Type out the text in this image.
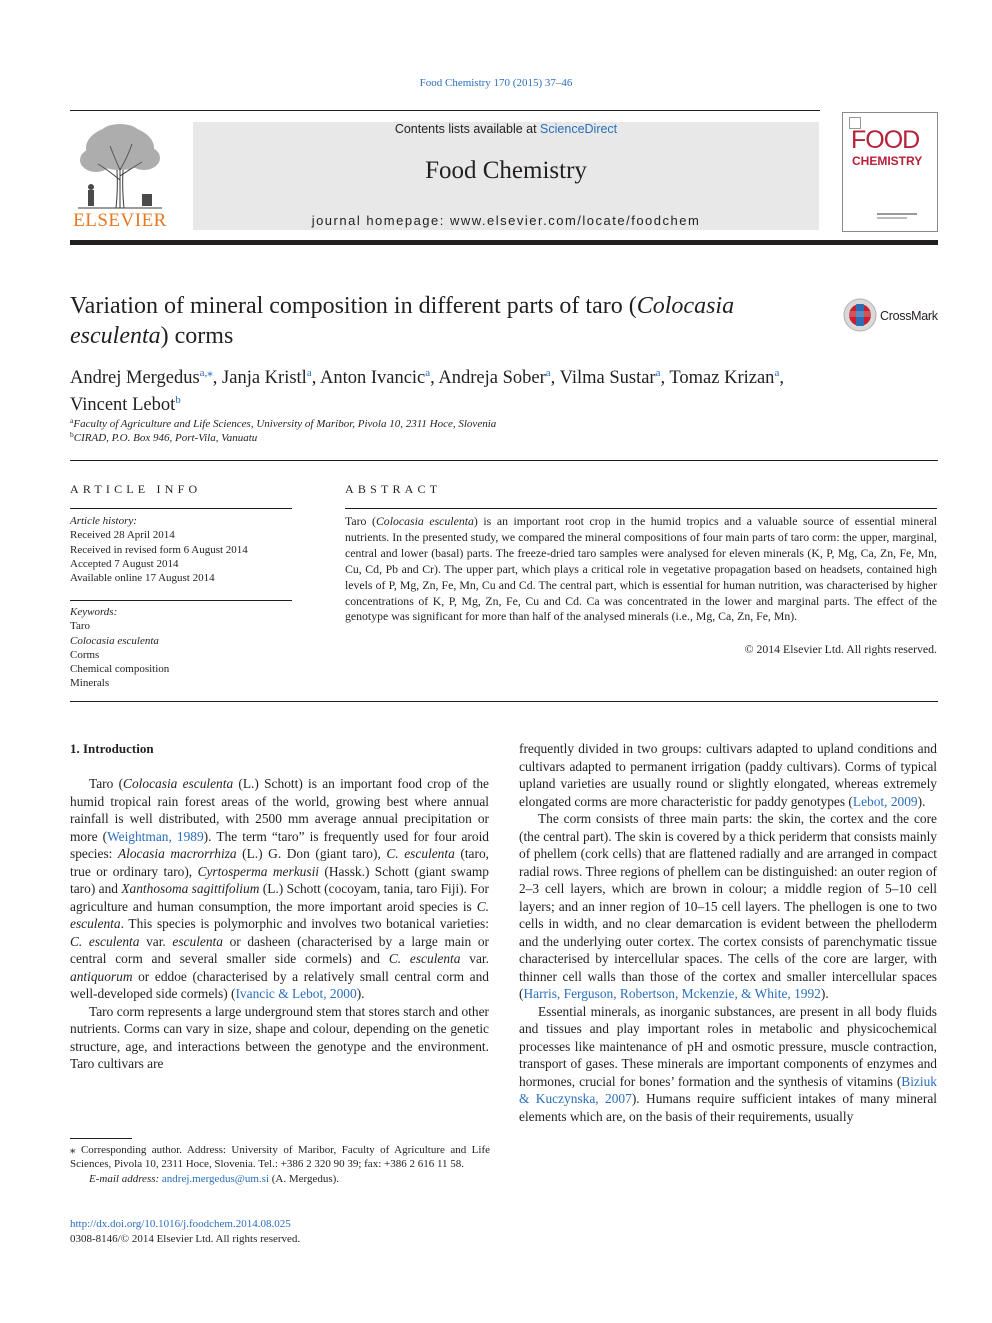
Food Chemistry 170 (2015) 37–46
ELSEVIER
Contents lists available at ScienceDirect
Food Chemistry
journal homepage: www.elsevier.com/locate/foodchem
FOOD
CHEMISTRY
Variation of mineral composition in different parts of taro (Colocasia esculenta) corms
CrossMark
Andrej Mergedus$^{a,⁎}$, Janja Kristl$^a$, Anton Ivancic$^a$, Andreja Sober$^a$, Vilma Sustar$^a$, Tomaz Krizan$^a$,
Vincent Lebot$^b$
$^a$Faculty of Agriculture and Life Sciences, University of Maribor, Pivola 10, 2311 Hoce, Slovenia
$^b$CIRAD, P.O. Box 946, Port-Vila, Vanuatu
ARTICLE INFO
Article history:
Received 28 April 2014
Received in revised form 6 August 2014
Accepted 7 August 2014
Available online 17 August 2014
Keywords:
Taro
Colocasia esculenta
Corms
Chemical composition
Minerals
ABSTRACT
Taro (Colocasia esculenta) is an important root crop in the humid tropics and a valuable source of essential mineral nutrients. In the presented study, we compared the mineral compositions of four main parts of taro corm: the upper, marginal, central and lower (basal) parts. The freeze-dried taro samples were analysed for eleven minerals (K, P, Mg, Ca, Zn, Fe, Mn, Cu, Cd, Pb and Cr). The upper part, which plays a critical role in vegetative propagation based on headsets, contained high levels of P, Mg, Zn, Fe, Mn, Cu and Cd. The central part, which is essential for human nutrition, was characterised by higher concentrations of K, P, Mg, Zn, Fe, Cu and Cd. Ca was concentrated in the lower and marginal parts. The effect of the genotype was significant for more than half of the analysed minerals (i.e., Mg, Ca, Zn, Fe, Mn).
© 2014 Elsevier Ltd. All rights reserved.
1. Introduction

Taro (Colocasia esculenta (L.) Schott) is an important food crop of the humid tropical rain forest areas of the world, growing best where annual rainfall is well distributed, with 2500 mm average annual precipitation or more (Weightman, 1989). The term “taro” is frequently used for four aroid species: Alocasia macrorrhiza (L.) G. Don (giant taro), C. esculenta (taro, true or ordinary taro), Cyrtosperma merkusii (Hassk.) Schott (giant swamp taro) and Xanthosoma sagittifolium (L.) Schott (cocoyam, tania, taro Fiji). For agriculture and human consumption, the more important aroid species is C. esculenta. This species is polymorphic and involves two botanical varieties: C. esculenta var. esculenta or dasheen (characterised by a large main or central corm and several smaller side cormels) and C. esculenta var. antiquorum or eddoe (characterised by a relatively small central corm and well-developed side cormels) (Ivancic & Lebot, 2000).

Taro corm represents a large underground stem that stores starch and other nutrients. Corms can vary in size, shape and colour, depending on the genetic structure, age, and interactions between the genotype and the environment. Taro cultivars are

frequently divided in two groups: cultivars adapted to upland conditions and cultivars adapted to permanent irrigation (paddy cultivars). Corms of typical upland varieties are usually round or slightly elongated, whereas extremely elongated corms are more characteristic for paddy genotypes (Lebot, 2009).

The corm consists of three main parts: the skin, the cortex and the core (the central part). The skin is covered by a thick periderm that consists mainly of phellem (cork cells) that are flattened radially and are arranged in compact radial rows. Three regions of phellem can be distinguished: an outer region of 2–3 cell layers, which are brown in colour; a middle region of 5–10 cell layers; and an inner region of 10–15 cell layers. The phellogen is one to two cells in width, and no clear demarcation is evident between the phelloderm and the underlying outer cortex. The cortex consists of parenchymatic tissue characterised by intercellular spaces. The cells of the core are larger, with thinner cell walls than those of the cortex and smaller intercellular spaces (Harris, Ferguson, Robertson, Mckenzie, & White, 1992).

Essential minerals, as inorganic substances, are present in all body fluids and tissues and play important roles in metabolic and physicochemical processes like maintenance of pH and osmotic pressure, muscle contraction, transport of gases. These minerals are important components of enzymes and hormones, crucial for bones’ formation and the synthesis of vitamins (Biziuk & Kuczynska, 2007). Humans require sufficient intakes of many mineral elements which are, on the basis of their requirements, usually

⁎ Corresponding author. Address: University of Maribor, Faculty of Agriculture and Life Sciences, Pivola 10, 2311 Hoce, Slovenia. Tel.: +386 2 320 90 39; fax: +386 2 616 11 58.
E-mail address: andrej.mergedus@um.si (A. Mergedus).
http://dx.doi.org/10.1016/j.foodchem.2014.08.025
0308-8146/© 2014 Elsevier Ltd. All rights reserved.
